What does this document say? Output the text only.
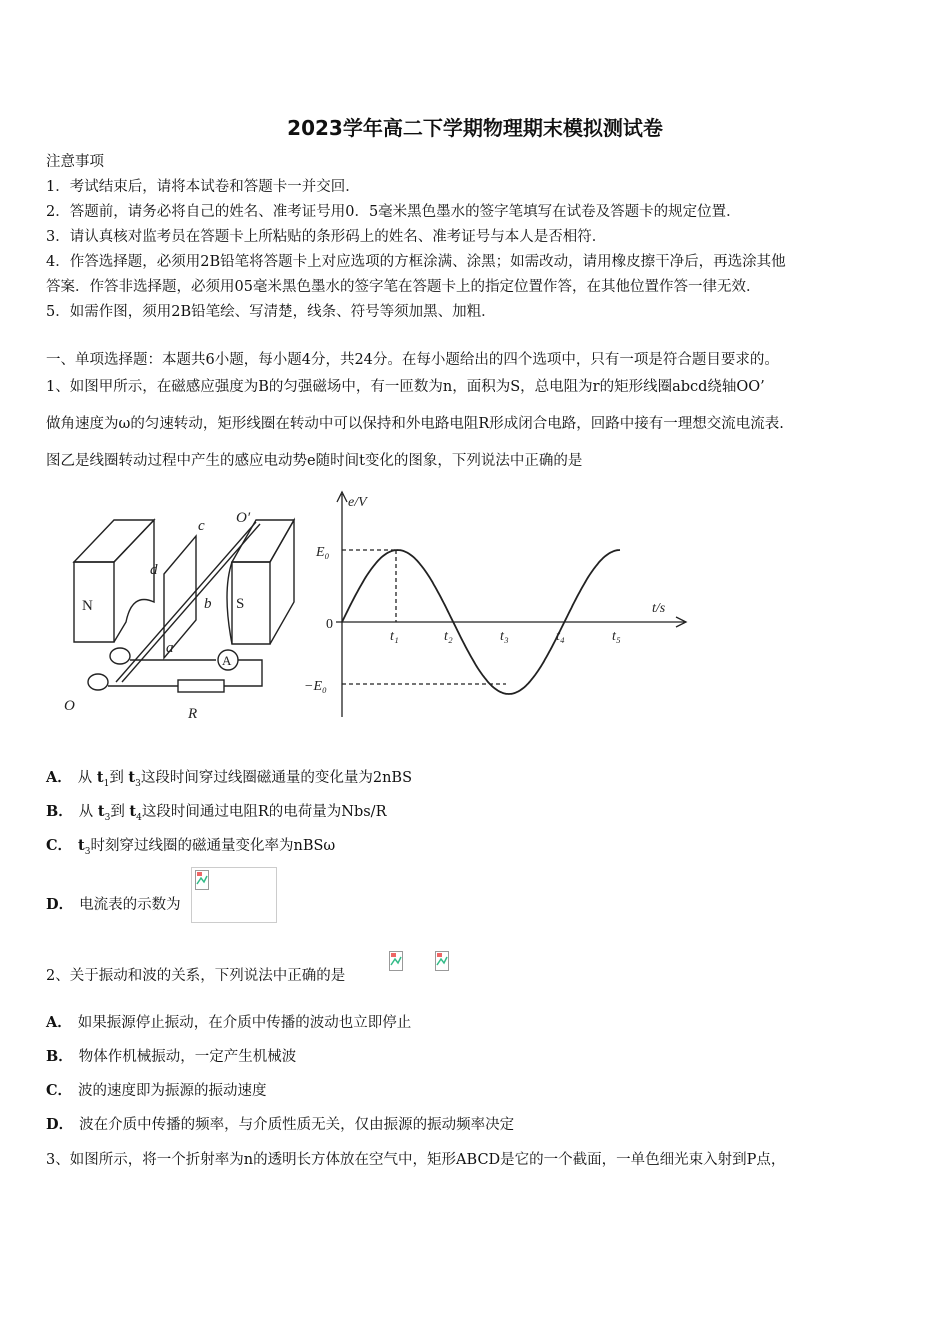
2023学年高二下学期物理期末模拟测试卷
注意事项
1．考试结束后，请将本试卷和答题卡一并交回．
2．答题前，请务必将自己的姓名、准考证号用0．5毫米黑色墨水的签字笔填写在试卷及答题卡的规定位置．
3．请认真核对监考员在答题卡上所粘贴的条形码上的姓名、准考证号与本人是否相符．
4．作答选择题，必须用2B铅笔将答题卡上对应选项的方框涂满、涂黑；如需改动，请用橡皮擦干净后，再选涂其他
答案．作答非选择题，必须用05毫米黑色墨水的签字笔在答题卡上的指定位置作答，在其他位置作答一律无效．
5．如需作图，须用2B铅笔绘、写清楚，线条、符号等须加黑、加粗．
一、单项选择题：本题共6小题，每小题4分，共24分。在每小题给出的四个选项中，只有一项是符合题目要求的。
1、如图甲所示，在磁感应强度为B的匀强磁场中，有一匝数为n，面积为S，总电阻为r的矩形线圈abcd绕轴OO’
做角速度为ω的匀速转动，矩形线圈在转动中可以保持和外电路电阻R形成闭合电路，回路中接有一理想交流电流表.
图乙是线圈转动过程中产生的感应电动势e随时间t变化的图象，下列说法中正确的是
N	S
d
c
b
a
O′
O
A
R
e/V
t/s
E₀
−E₀
0
t₁	t₂	t₃	t₄	t₅
A． 从 $t_1$到 $t_3$这段时间穿过线圈磁通量的变化量为2nBS
B． 从 $t_3$到 $t_4$这段时间通过电阻R的电荷量为Nbs/R
C． $t_3$时刻穿过线圈的磁通量变化率为nBSω
D． 电流表的示数为
2、关于振动和波的关系，下列说法中正确的是
A． 如果振源停止振动，在介质中传播的波动也立即停止
B． 物体作机械振动，一定产生机械波
C． 波的速度即为振源的振动速度
D． 波在介质中传播的频率，与介质性质无关，仅由振源的振动频率决定
3、如图所示，将一个折射率为n的透明长方体放在空气中，矩形ABCD是它的一个截面，一单色细光束入射到P点，
